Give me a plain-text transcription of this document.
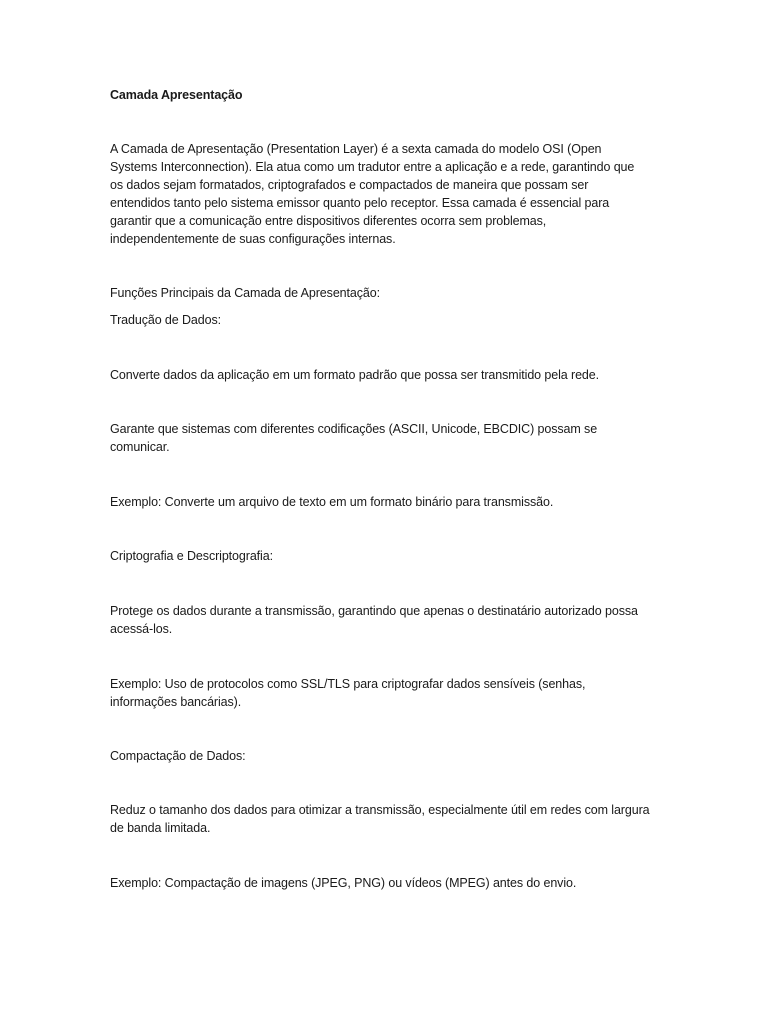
Camada Apresentação

A Camada de Apresentação (Presentation Layer) é a sexta camada do modelo OSI (Open Systems Interconnection). Ela atua como um tradutor entre a aplicação e a rede, garantindo que os dados sejam formatados, criptografados e compactados de maneira que possam ser entendidos tanto pelo sistema emissor quanto pelo receptor. Essa camada é essencial para garantir que a comunicação entre dispositivos diferentes ocorra sem problemas, independentemente de suas configurações internas.

Funções Principais da Camada de Apresentação:

Tradução de Dados:

Converte dados da aplicação em um formato padrão que possa ser transmitido pela rede.

Garante que sistemas com diferentes codificações (ASCII, Unicode, EBCDIC) possam se comunicar.

Exemplo: Converte um arquivo de texto em um formato binário para transmissão.

Criptografia e Descriptografia:

Protege os dados durante a transmissão, garantindo que apenas o destinatário autorizado possa acessá-los.

Exemplo: Uso de protocolos como SSL/TLS para criptografar dados sensíveis (senhas, informações bancárias).

Compactação de Dados:

Reduz o tamanho dos dados para otimizar a transmissão, especialmente útil em redes com largura de banda limitada.

Exemplo: Compactação de imagens (JPEG, PNG) ou vídeos (MPEG) antes do envio.
